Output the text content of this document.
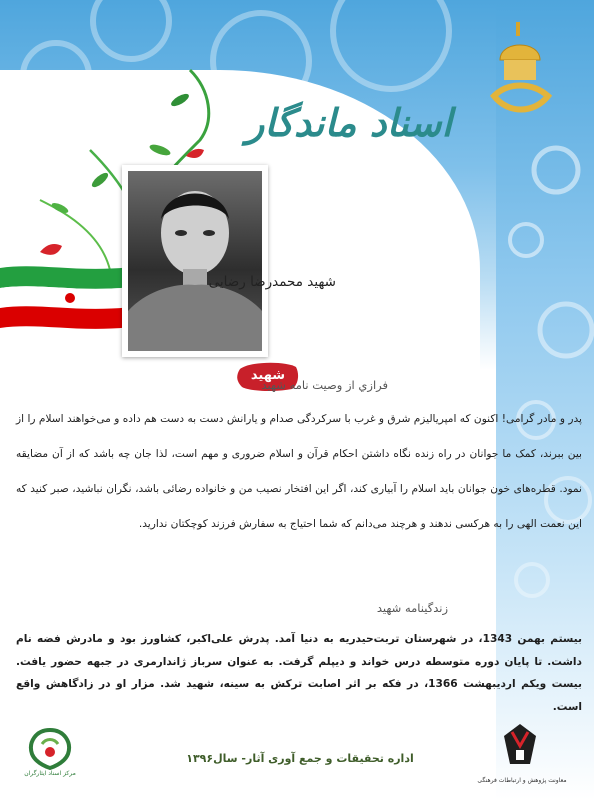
اسناد ماندگار
شهید محمدرضا رضایی
شهید
فرازي از وصيت نامه شهيد
پدر و مادر گرامی! اکنون که امپریالیزم شرق و غرب با سرکردگی صدام و یارانش دست به دست هم داده و می‌خواهند اسلام را از بین ببرند، کمک ما جوانان در راه زنده نگاه داشتن احکام قرآن و اسلام ضروری و مهم است، لذا جان چه باشد که از آن مضایقه نمود. قطره‌های خون جوانان باید اسلام را آبیاری کند، اگر این افتخار نصیب من و خانواده رضائی باشد، نگران نباشید، صبر کنید که این نعمت الهی را به هرکسی ندهند و هرچند می‌دانم که شما احتیاج به سفارش فرزند کوچکتان ندارید.
زندگينامه شهيد
بیستم بهمن 1343، در شهرستان تربت‌حیدریه به دنیا آمد. پدرش علی‌اکبر، کشاورز بود و مادرش فضه نام داشت. تا پایان دوره متوسطه درس خواند و دیپلم گرفت. به عنوان سرباز ژاندارمری در جبهه حضور یافت. بیست ویکم اردیبهشت 1366، در فکه بر اثر اصابت ترکش به سینه، شهید شد. مزار او در زادگاهش واقع است.
مرکز اسناد ایثارگران
اداره تحقیقات و جمع آوری آثار- سال۱۳۹۶
معاونت پژوهش و ارتباطات فرهنگی
